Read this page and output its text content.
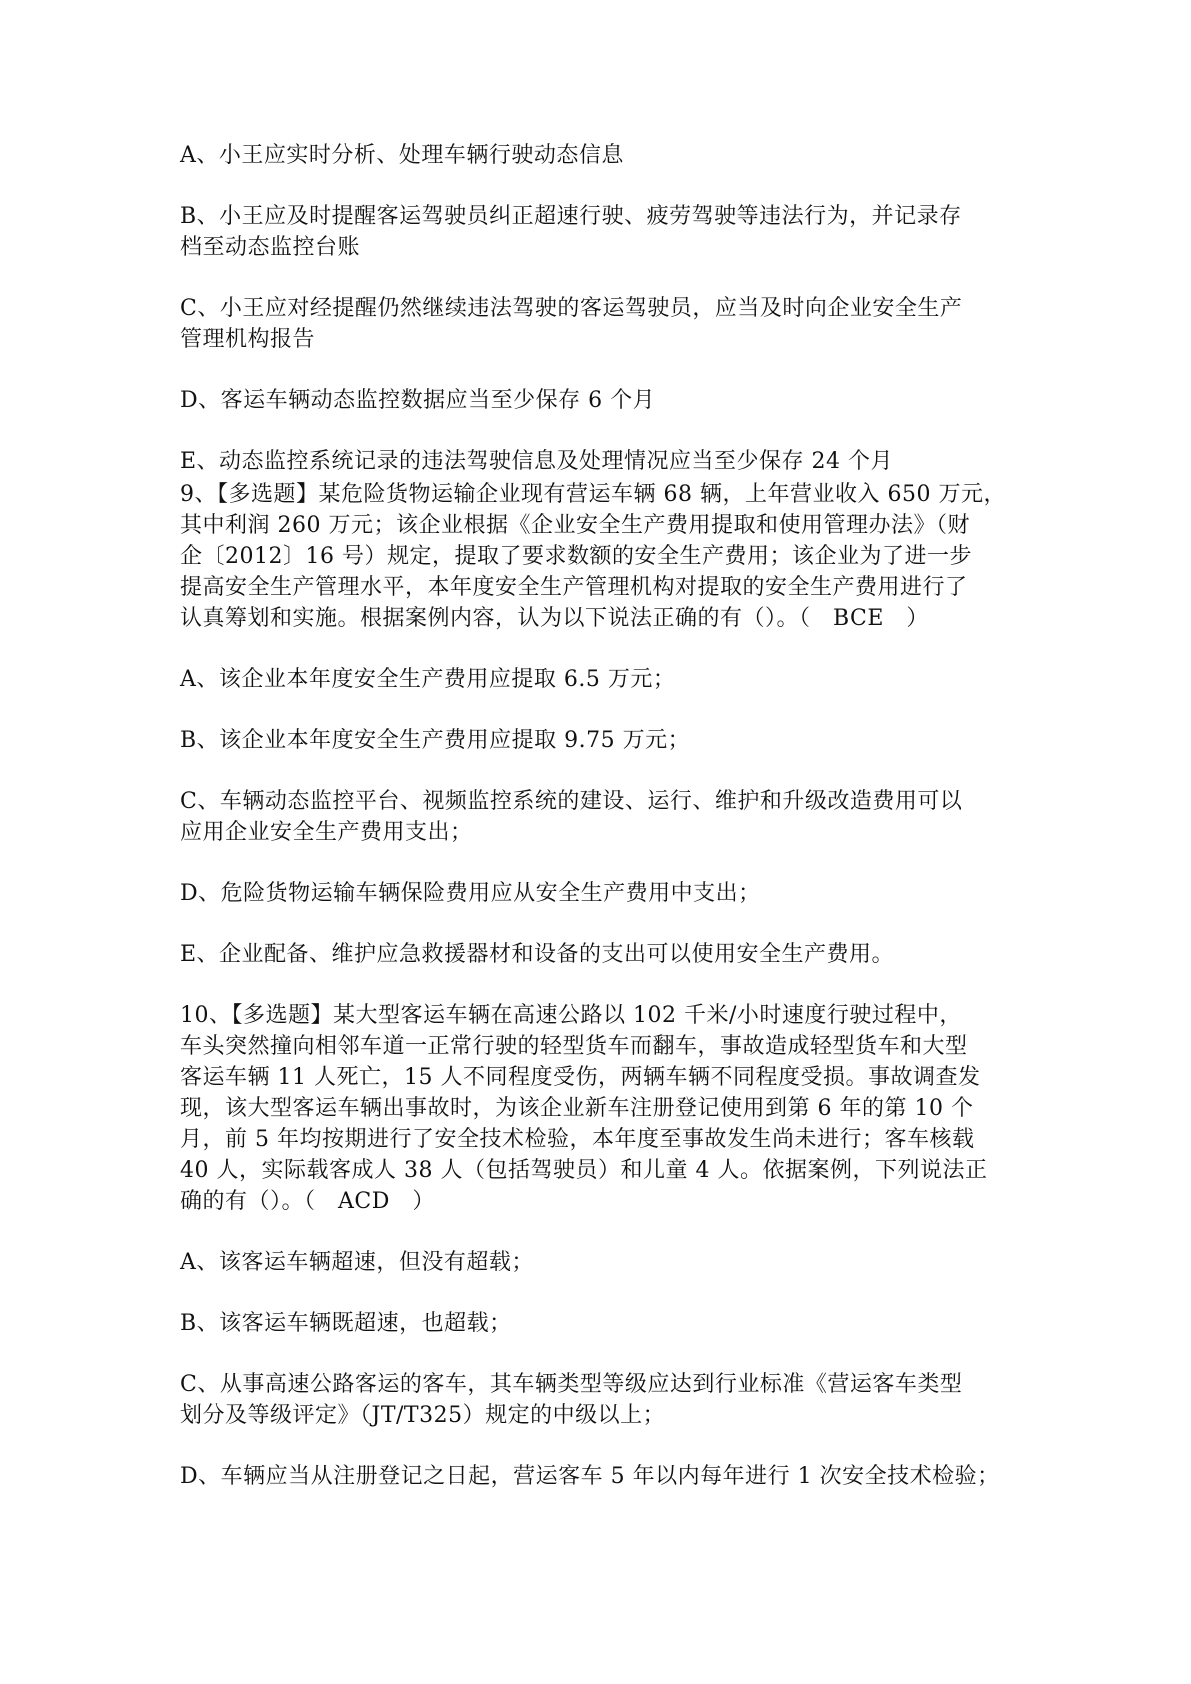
A、小王应实时分析、处理车辆行驶动态信息

B、小王应及时提醒客运驾驶员纠正超速行驶、疲劳驾驶等违法行为，并记录存

档至动态监控台账

C、小王应对经提醒仍然继续违法驾驶的客运驾驶员，应当及时向企业安全生产

管理机构报告

D、客运车辆动态监控数据应当至少保存 6 个月

E、动态监控系统记录的违法驾驶信息及处理情况应当至少保存 24 个月

9、【多选题】某危险货物运输企业现有营运车辆 68 辆，上年营业收入 650 万元，

其中利润 260 万元；该企业根据《企业安全生产费用提取和使用管理办法》（财

企〔2012〕16 号）规定，提取了要求数额的安全生产费用；该企业为了进一步

提高安全生产管理水平，本年度安全生产管理机构对提取的安全生产费用进行了

认真筹划和实施。根据案例内容，认为以下说法正确的有（）。（   BCE   ）

A、该企业本年度安全生产费用应提取 6.5 万元；

B、该企业本年度安全生产费用应提取 9.75 万元；

C、车辆动态监控平台、视频监控系统的建设、运行、维护和升级改造费用可以

应用企业安全生产费用支出；

D、危险货物运输车辆保险费用应从安全生产费用中支出；

E、企业配备、维护应急救援器材和设备的支出可以使用安全生产费用。

10、【多选题】某大型客运车辆在高速公路以 102 千米/小时速度行驶过程中，

车头突然撞向相邻车道一正常行驶的轻型货车而翻车，事故造成轻型货车和大型

客运车辆 11 人死亡，15 人不同程度受伤，两辆车辆不同程度受损。事故调查发

现，该大型客运车辆出事故时，为该企业新车注册登记使用到第 6 年的第 10 个

月，前 5 年均按期进行了安全技术检验，本年度至事故发生尚未进行；客车核载

40 人，实际载客成人 38 人（包括驾驶员）和儿童 4 人。依据案例，下列说法正

确的有（）。（   ACD   ）

A、该客运车辆超速，但没有超载；

B、该客运车辆既超速，也超载；

C、从事高速公路客运的客车，其车辆类型等级应达到行业标准《营运客车类型

划分及等级评定》（JT/T325）规定的中级以上；

D、车辆应当从注册登记之日起，营运客车 5 年以内每年进行 1 次安全技术检验；
